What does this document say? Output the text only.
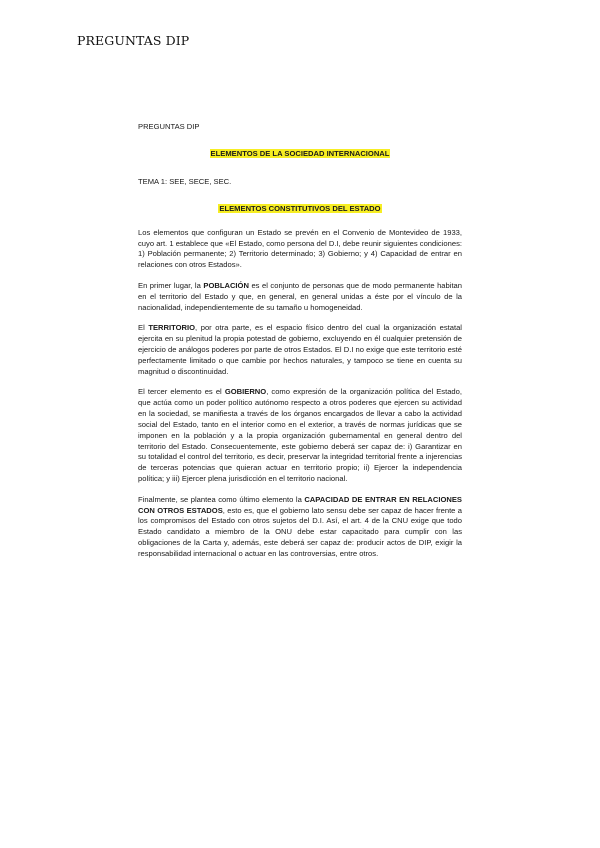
PREGUNTAS DIP

PREGUNTAS DIP

ELEMENTOS DE LA SOCIEDAD INTERNACIONAL

TEMA 1: SEE, SECE, SEC.

ELEMENTOS CONSTITUTIVOS DEL ESTADO

Los elementos que configuran un Estado se prevén en el Convenio de Montevideo de 1933, cuyo art. 1 establece que «El Estado, como persona del D.I, debe reunir siguientes condiciones: 1) Población permanente; 2) Territorio determinado; 3) Gobierno; y 4) Capacidad de entrar en relaciones con otros Estados».

En primer lugar, la POBLACIÓN es el conjunto de personas que de modo permanente habitan en el territorio del Estado y que, en general, en general unidas a éste por el vínculo de la nacionalidad, independientemente de su tamaño u homogeneidad.

El TERRITORIO, por otra parte, es el espacio físico dentro del cual la organización estatal ejercita en su plenitud la propia potestad de gobierno, excluyendo en él cualquier pretensión de ejercicio de análogos poderes por parte de otros Estados. El D.I no exige que este territorio esté perfectamente limitado o que cambie por hechos naturales, y tampoco se tiene en cuenta su magnitud o discontinuidad.

El tercer elemento es el GOBIERNO, como expresión de la organización política del Estado, que actúa como un poder político autónomo respecto a otros poderes que ejercen su actividad en la sociedad, se manifiesta a través de los órganos encargados de llevar a cabo la actividad social del Estado, tanto en el interior como en el exterior, a través de normas jurídicas que se imponen en la población y a la propia organización gubernamental en general dentro del territorio del Estado. Consecuentemente, este gobierno deberá ser capaz de: i) Garantizar en su totalidad el control del territorio, es decir, preservar la integridad territorial frente a injerencias de terceras potencias que quieran actuar en territorio propio; ii) Ejercer la independencia política; y iii) Ejercer plena jurisdicción en el territorio nacional.

Finalmente, se plantea como último elemento la CAPACIDAD DE ENTRAR EN RELACIONES CON OTROS ESTADOS, esto es, que el gobierno lato sensu debe ser capaz de hacer frente a los compromisos del Estado con otros sujetos del D.I. Así, el art. 4 de la CNU exige que todo Estado candidato a miembro de la ONU debe estar capacitado para cumplir con las obligaciones de la Carta y, además, este deberá ser capaz de: producir actos de DIP, exigir la responsabilidad internacional o actuar en las controversias, entre otros.
